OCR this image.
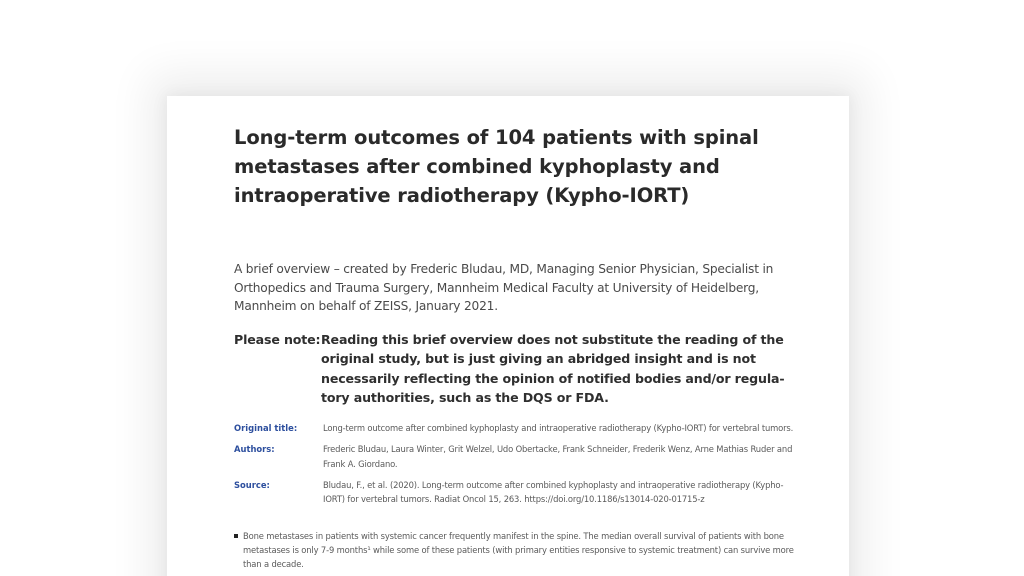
Long-term outcomes of 104 patients with spinal metastases after combined kyphoplasty and intraoperative radiotherapy (Kypho-IORT)

A brief overview – created by Frederic Bludau, MD, Managing Senior Physician, Specialist in Orthopedics and Trauma Surgery, Mannheim Medical Faculty at University of Heidelberg, Mannheim on behalf of ZEISS, January 2021.

Please note: Reading this brief overview does not substitute the reading of the original study, but is just giving an abridged insight and is not necessarily reflecting the opinion of notified bodies and/or regula-tory authorities, such as the DQS or FDA.
Original title:	Long-term outcome after combined kyphoplasty and intraoperative radiotherapy (Kypho-IORT) for vertebral tumors.
Authors:	Frederic Bludau, Laura Winter, Grit Welzel, Udo Obertacke, Frank Schneider, Frederik Wenz, Arne Mathias Ruder and Frank A. Giordano.
Source:	Bludau, F., et al. (2020). Long-term outcome after combined kyphoplasty and intraoperative radiotherapy (Kypho-IORT) for vertebral tumors. Radiat Oncol 15, 263. https://doi.org/10.1186/s13014-020-01715-z
Bone metastases in patients with systemic cancer frequently manifest in the spine. The median overall survival of patients with bone metastases is only 7-9 months¹ while some of these patients (with primary entities responsive to systemic treatment) can survive more than a decade.
